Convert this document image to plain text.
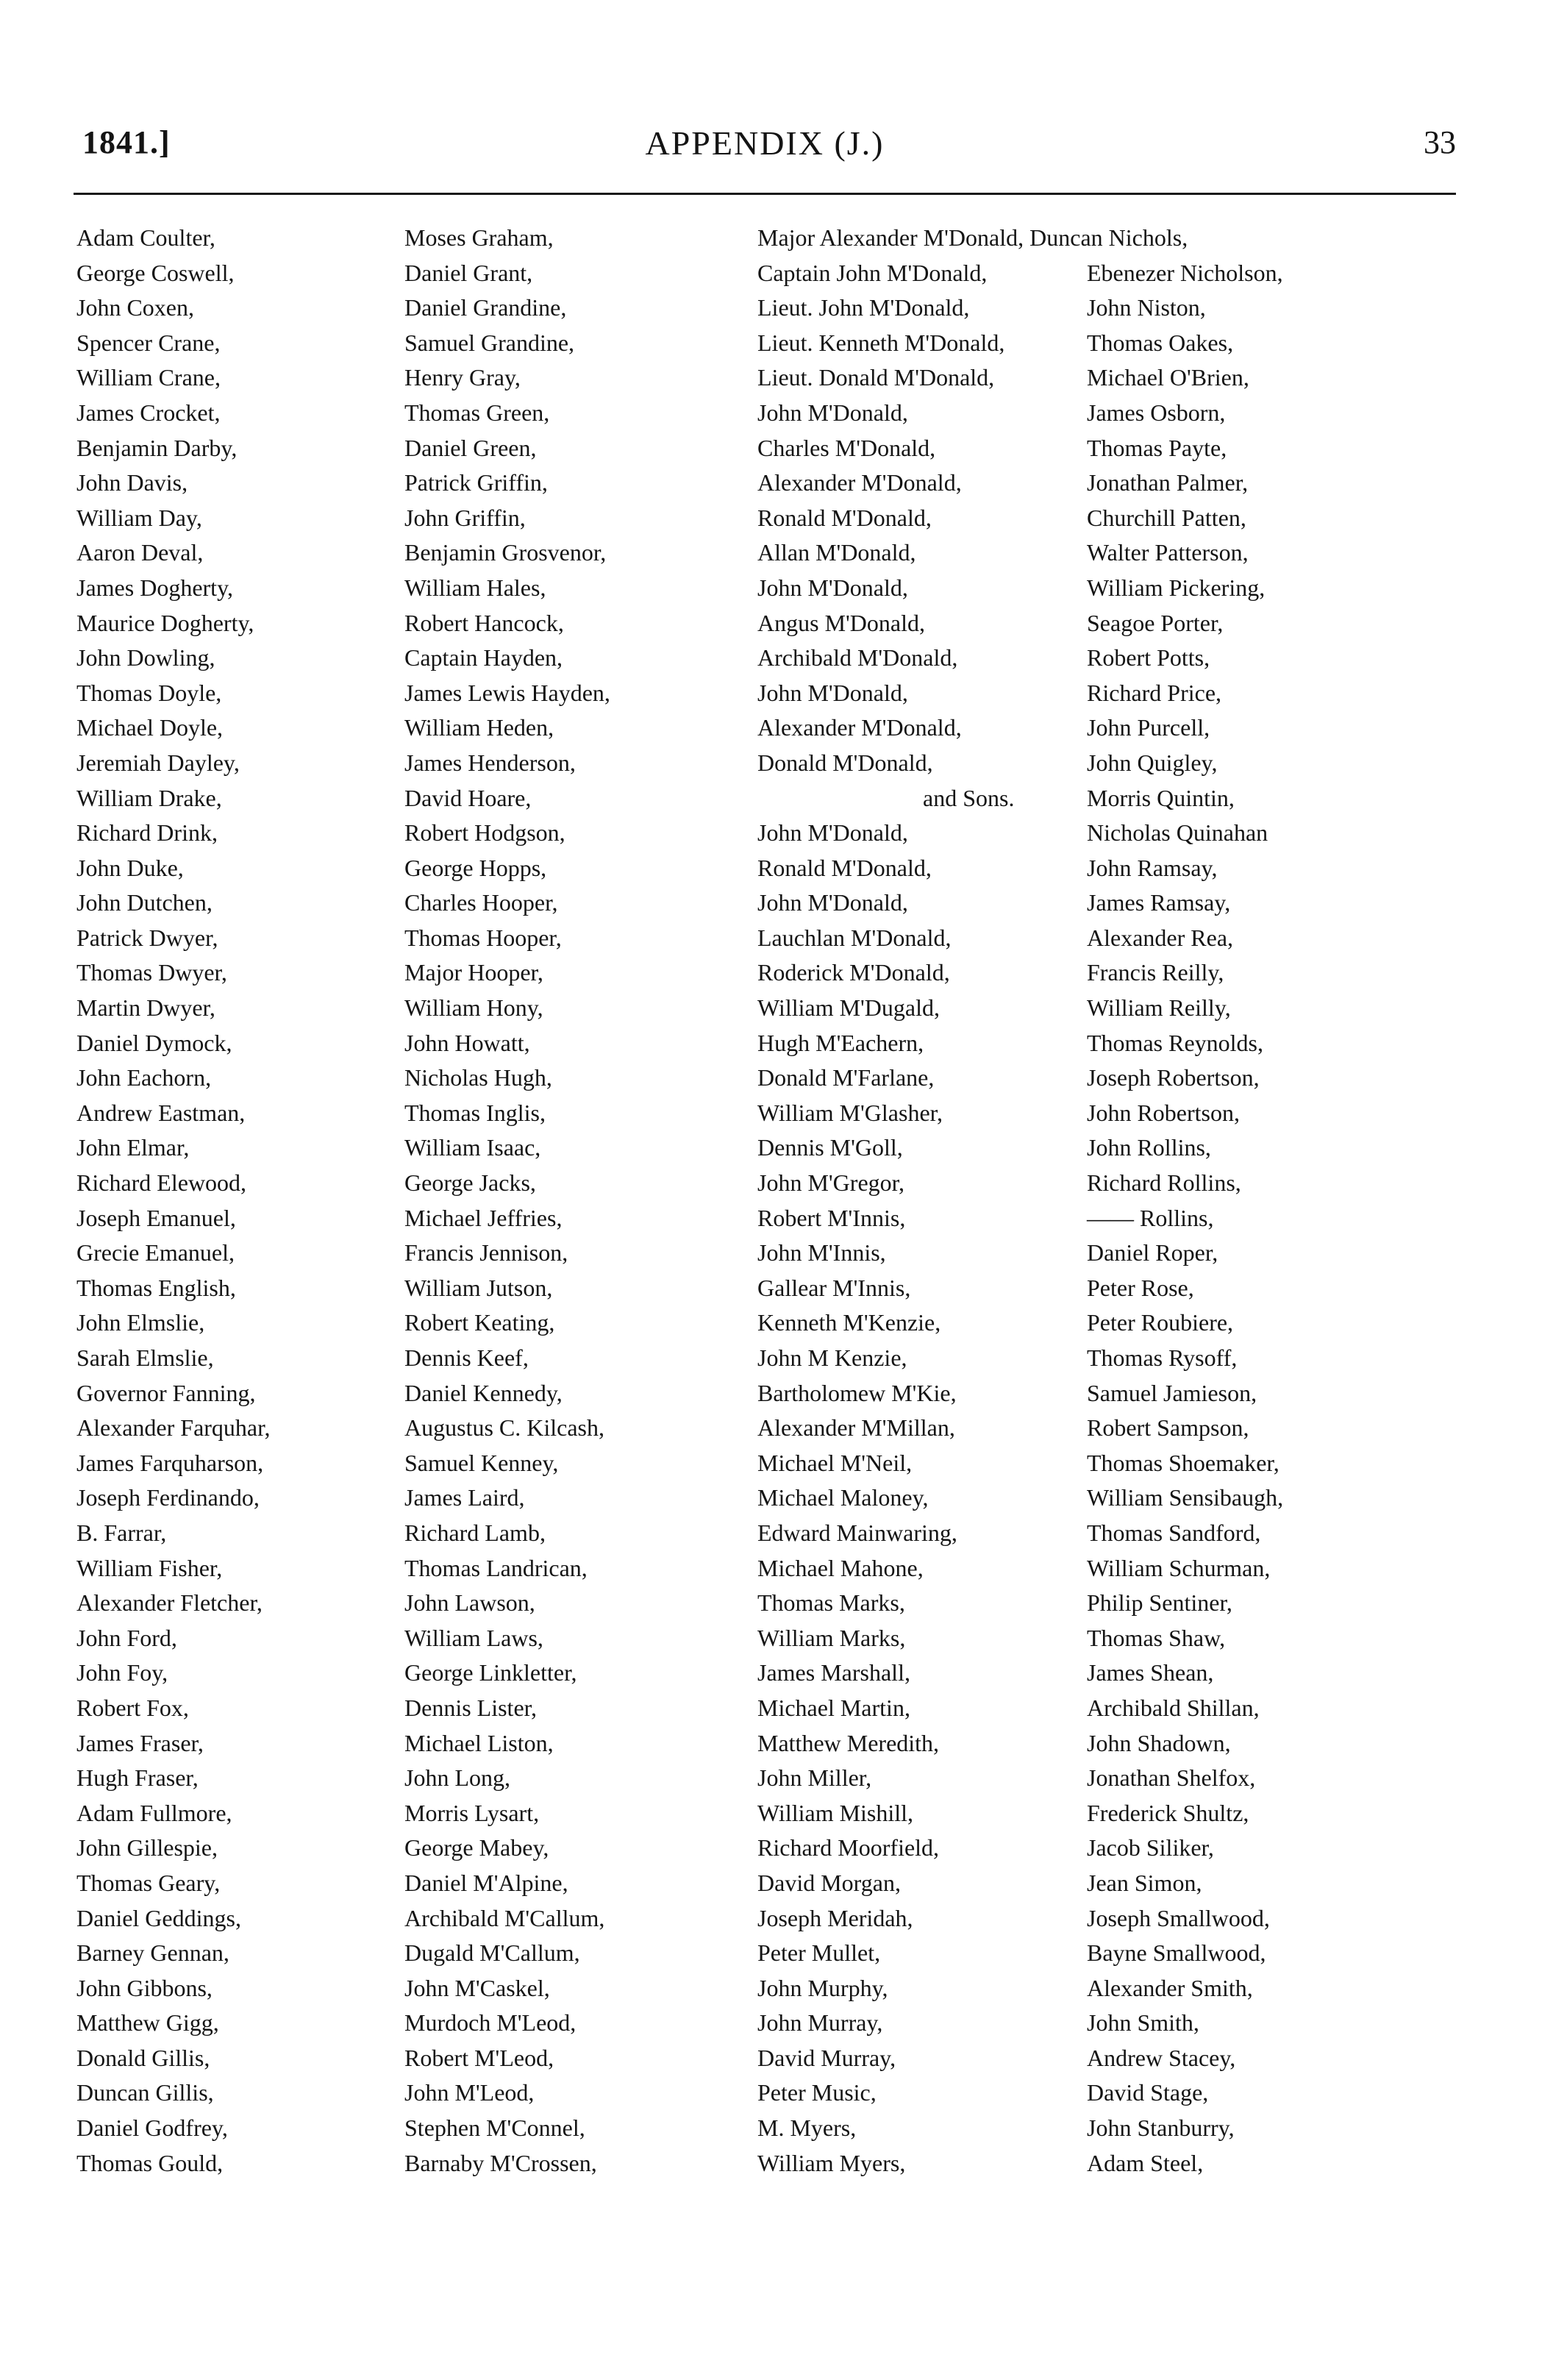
1841.]	APPENDIX (J.)	33
Adam Coulter,
George Coswell,
John Coxen,
Spencer Crane,
William Crane,
James Crocket,
Benjamin Darby,
John Davis,
William Day,
Aaron Deval,
James Dogherty,
Maurice Dogherty,
John Dowling,
Thomas Doyle,
Michael Doyle,
Jeremiah Dayley,
William Drake,
Richard Drink,
John Duke,
John Dutchen,
Patrick Dwyer,
Thomas Dwyer,
Martin Dwyer,
Daniel Dymock,
John Eachorn,
Andrew Eastman,
John Elmar,
Richard Elewood,
Joseph Emanuel,
Grecie Emanuel,
Thomas English,
John Elmslie,
Sarah Elmslie,
Governor Fanning,
Alexander Farquhar,
James Farquharson,
Joseph Ferdinando,
B. Farrar,
William Fisher,
Alexander Fletcher,
John Ford,
John Foy,
Robert Fox,
James Fraser,
Hugh Fraser,
Adam Fullmore,
John Gillespie,
Thomas Geary,
Daniel Geddings,
Barney Gennan,
John Gibbons,
Matthew Gigg,
Donald Gillis,
Duncan Gillis,
Daniel Godfrey,
Thomas Gould,
Moses Graham,
Daniel Grant,
Daniel Grandine,
Samuel Grandine,
Henry Gray,
Thomas Green,
Daniel Green,
Patrick Griffin,
John Griffin,
Benjamin Grosvenor,
William Hales,
Robert Hancock,
Captain Hayden,
James Lewis Hayden,
William Heden,
James Henderson,
David Hoare,
Robert Hodgson,
George Hopps,
Charles Hooper,
Thomas Hooper,
Major Hooper,
William Hony,
John Howatt,
Nicholas Hugh,
Thomas Inglis,
William Isaac,
George Jacks,
Michael Jeffries,
Francis Jennison,
William Jutson,
Robert Keating,
Dennis Keef,
Daniel Kennedy,
Augustus C. Kilcash,
Samuel Kenney,
James Laird,
Richard Lamb,
Thomas Landrican,
John Lawson,
William Laws,
George Linkletter,
Dennis Lister,
Michael Liston,
John Long,
Morris Lysart,
George Mabey,
Daniel M'Alpine,
Archibald M'Callum,
Dugald M'Callum,
John M'Caskel,
Murdoch M'Leod,
Robert M'Leod,
John M'Leod,
Stephen M'Connel,
Barnaby M'Crossen,
Major Alexander M'Donald, Duncan Nichols,
Captain John M'Donald,
Lieut. John M'Donald,
Lieut. Kenneth M'Donald,
Lieut. Donald M'Donald,
John M'Donald,
Charles M'Donald,
Alexander M'Donald,
Ronald M'Donald,
Allan M'Donald,
John M'Donald,
Angus M'Donald,
Archibald M'Donald,
John M'Donald,
Alexander M'Donald,
Donald M'Donald,
and Sons.
John M'Donald,
Ronald M'Donald,
John M'Donald,
Lauchlan M'Donald,
Roderick M'Donald,
William M'Dugald,
Hugh M'Eachern,
Donald M'Farlane,
William M'Glasher,
Dennis M'Goll,
John M'Gregor,
Robert M'Innis,
John M'Innis,
Gallear M'Innis,
Kenneth M'Kenzie,
John M Kenzie,
Bartholomew M'Kie,
Alexander M'Millan,
Michael M'Neil,
Michael Maloney,
Edward Mainwaring,
Michael Mahone,
Thomas Marks,
William Marks,
James Marshall,
Michael Martin,
Matthew Meredith,
John Miller,
William Mishill,
Richard Moorfield,
David Morgan,
Joseph Meridah,
Peter Mullet,
John Murphy,
John Murray,
David Murray,
Peter Music,
M. Myers,
William Myers,
Ebenezer Nicholson,
John Niston,
Thomas Oakes,
Michael O'Brien,
James Osborn,
Thomas Payte,
Jonathan Palmer,
Churchill Patten,
Walter Patterson,
William Pickering,
Seagoe Porter,
Robert Potts,
Richard Price,
John Purcell,
John Quigley,
Morris Quintin,
Nicholas Quinahan
John Ramsay,
James Ramsay,
Alexander Rea,
Francis Reilly,
William Reilly,
Thomas Reynolds,
Joseph Robertson,
John Robertson,
John Rollins,
Richard Rollins,
—— Rollins,
Daniel Roper,
Peter Rose,
Peter Roubiere,
Thomas Rysoff,
Samuel Jamieson,
Robert Sampson,
Thomas Shoemaker,
William Sensibaugh,
Thomas Sandford,
William Schurman,
Philip Sentiner,
Thomas Shaw,
James Shean,
Archibald Shillan,
John Shadown,
Jonathan Shelfox,
Frederick Shultz,
Jacob Siliker,
Jean Simon,
Joseph Smallwood,
Bayne Smallwood,
Alexander Smith,
John Smith,
Andrew Stacey,
David Stage,
John Stanburry,
Adam Steel,
